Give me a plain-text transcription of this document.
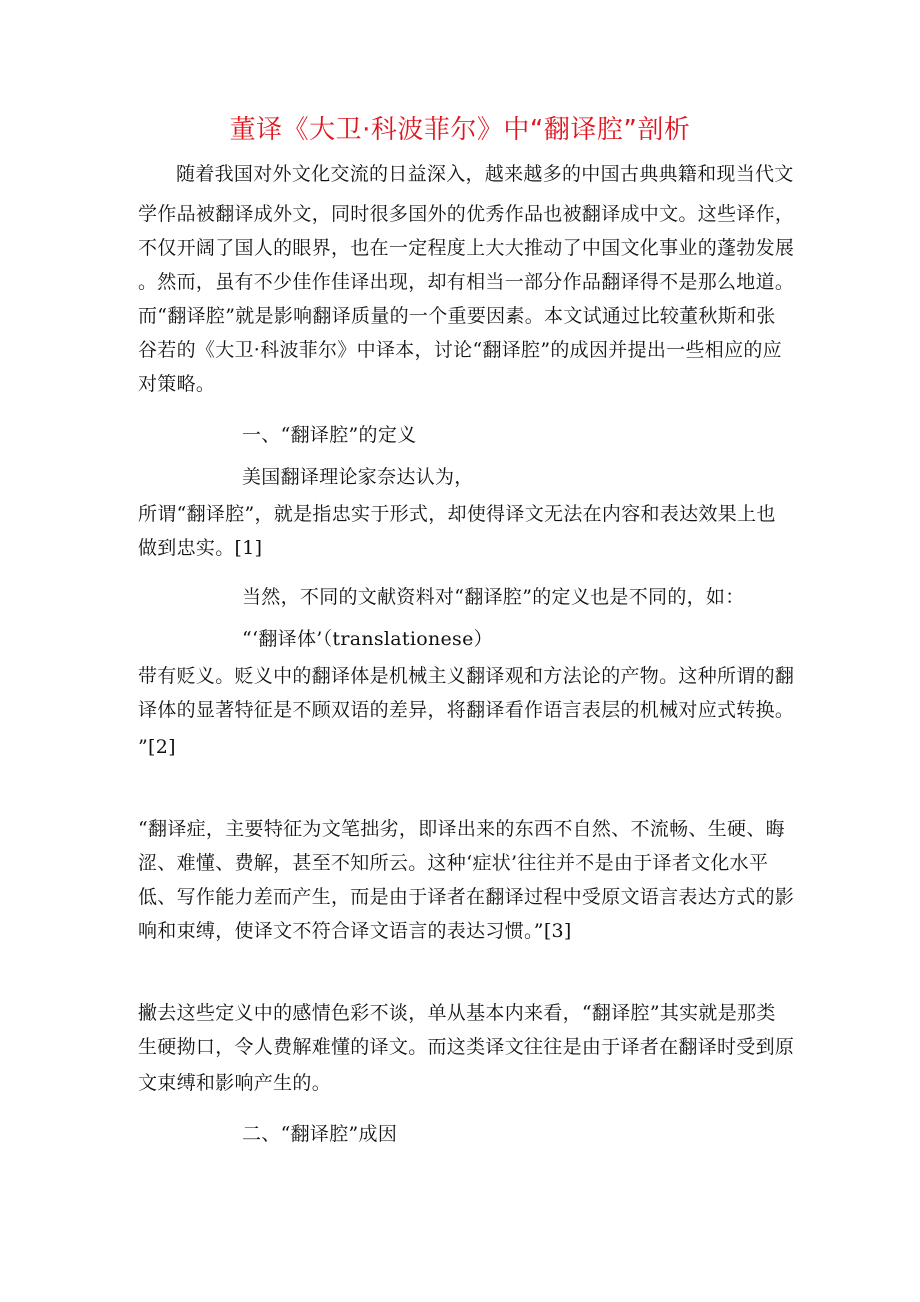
董译《大卫·科波菲尔》中“翻译腔”剖析
随着我国对外文化交流的日益深入，越来越多的中国古典典籍和现当代文
学作品被翻译成外文，同时很多国外的优秀作品也被翻译成中文。这些译作，
不仅开阔了国人的眼界，也在一定程度上大大推动了中国文化事业的蓬勃发展
。然而，虽有不少佳作佳译出现，却有相当一部分作品翻译得不是那么地道。
而“翻译腔”就是影响翻译质量的一个重要因素。本文试通过比较董秋斯和张
谷若的《大卫·科波菲尔》中译本，讨论“翻译腔”的成因并提出一些相应的应
对策略。
一、“翻译腔”的定义
美国翻译理论家奈达认为，
所谓“翻译腔”，就是指忠实于形式，却使得译文无法在内容和表达效果上也
做到忠实。[1]
当然，不同的文献资料对“翻译腔”的定义也是不同的，如：
“‘翻译体’（translationese）
带有贬义。贬义中的翻译体是机械主义翻译观和方法论的产物。这种所谓的翻
译体的显著特征是不顾双语的差异，将翻译看作语言表层的机械对应式转换。
”[2]
“翻译症，主要特征为文笔拙劣，即译出来的东西不自然、不流畅、生硬、晦
涩、难懂、费解，甚至不知所云。这种‘症状’往往并不是由于译者文化水平
低、写作能力差而产生，而是由于译者在翻译过程中受原文语言表达方式的影
响和束缚，使译文不符合译文语言的表达习惯。”[3]
撇去这些定义中的感情色彩不谈，单从基本内来看，“翻译腔”其实就是那类
生硬拗口，令人费解难懂的译文。而这类译文往往是由于译者在翻译时受到原
文束缚和影响产生的。
二、“翻译腔”成因
